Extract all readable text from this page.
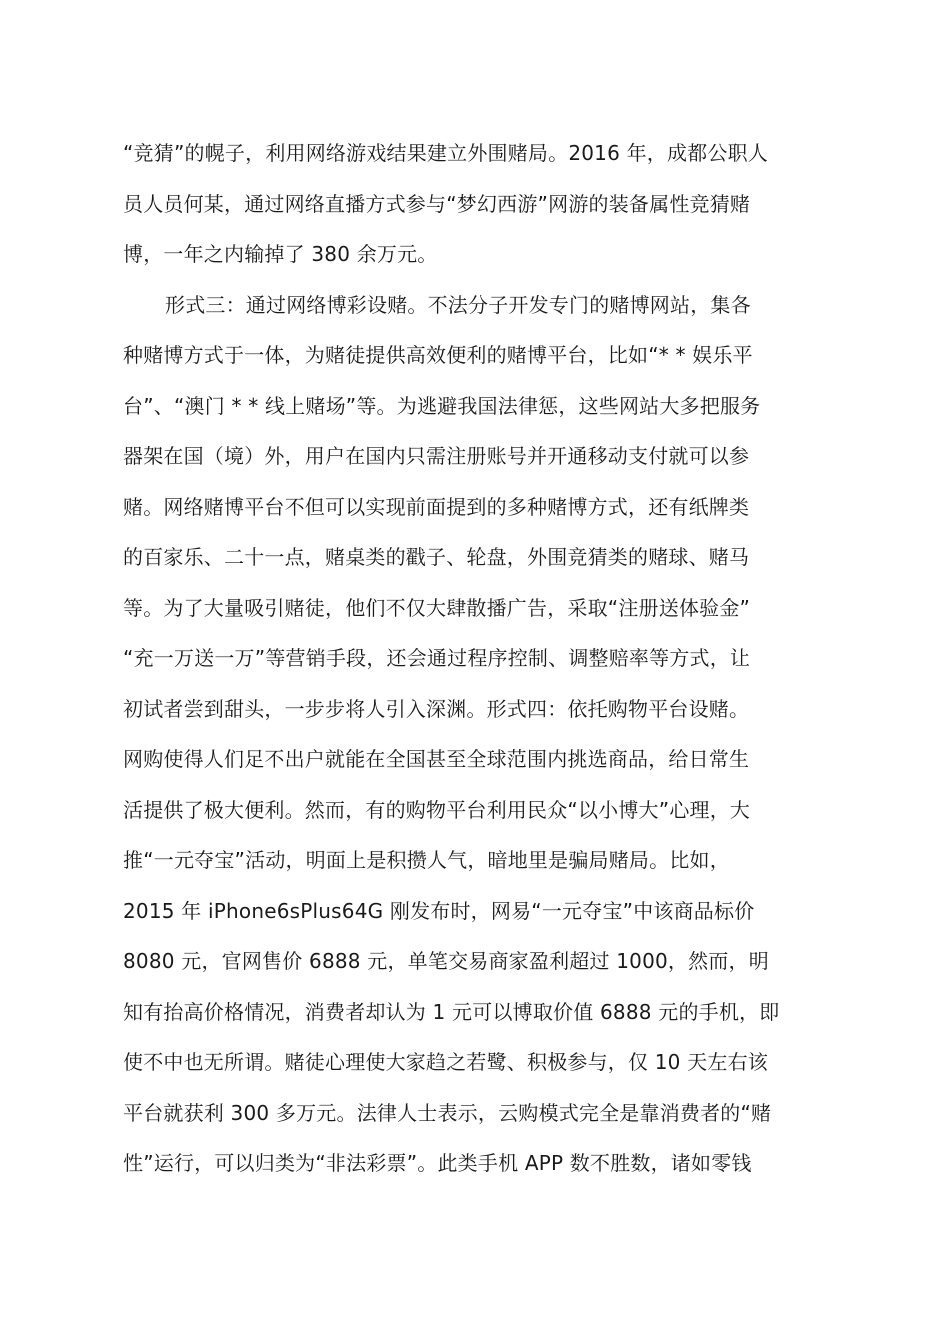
“竞猜”的幌子，利用网络游戏结果建立外围赌局。2016 年，成都公职人
员人员何某，通过网络直播方式参与“梦幻西游”网游的装备属性竞猜赌
博，一年之内输掉了 380 余万元。
形式三：通过网络博彩设赌。不法分子开发专门的赌博网站，集各
种赌博方式于一体，为赌徒提供高效便利的赌博平台，比如“* * 娱乐平
台”、“澳门 * * 线上赌场”等。为逃避我国法律惩，这些网站大多把服务
器架在国（境）外，用户在国内只需注册账号并开通移动支付就可以参
赌。网络赌博平台不但可以实现前面提到的多种赌博方式，还有纸牌类
的百家乐、二十一点，赌桌类的戳子、轮盘，外围竞猜类的赌球、赌马
等。为了大量吸引赌徒，他们不仅大肆散播广告，采取“注册送体验金”
“充一万送一万”等营销手段，还会通过程序控制、调整赔率等方式，让
初试者尝到甜头，一步步将人引入深渊。形式四：依托购物平台设赌。
网购使得人们足不出户就能在全国甚至全球范围内挑选商品，给日常生
活提供了极大便利。然而，有的购物平台利用民众“以小博大”心理，大
推“一元夺宝”活动，明面上是积攒人气，暗地里是骗局赌局。比如，
2015 年 iPhone6sPlus64G 刚发布时，网易“一元夺宝”中该商品标价
8080 元，官网售价 6888 元，单笔交易商家盈利超过 1000，然而，明
知有抬高价格情况，消费者却认为 1 元可以博取价值 6888 元的手机，即
使不中也无所谓。赌徒心理使大家趋之若鹭、积极参与，仅 10 天左右该
平台就获利 300 多万元。法律人士表示，云购模式完全是靠消费者的“赌
性”运行，可以归类为“非法彩票”。此类手机 APP 数不胜数，诸如零钱
